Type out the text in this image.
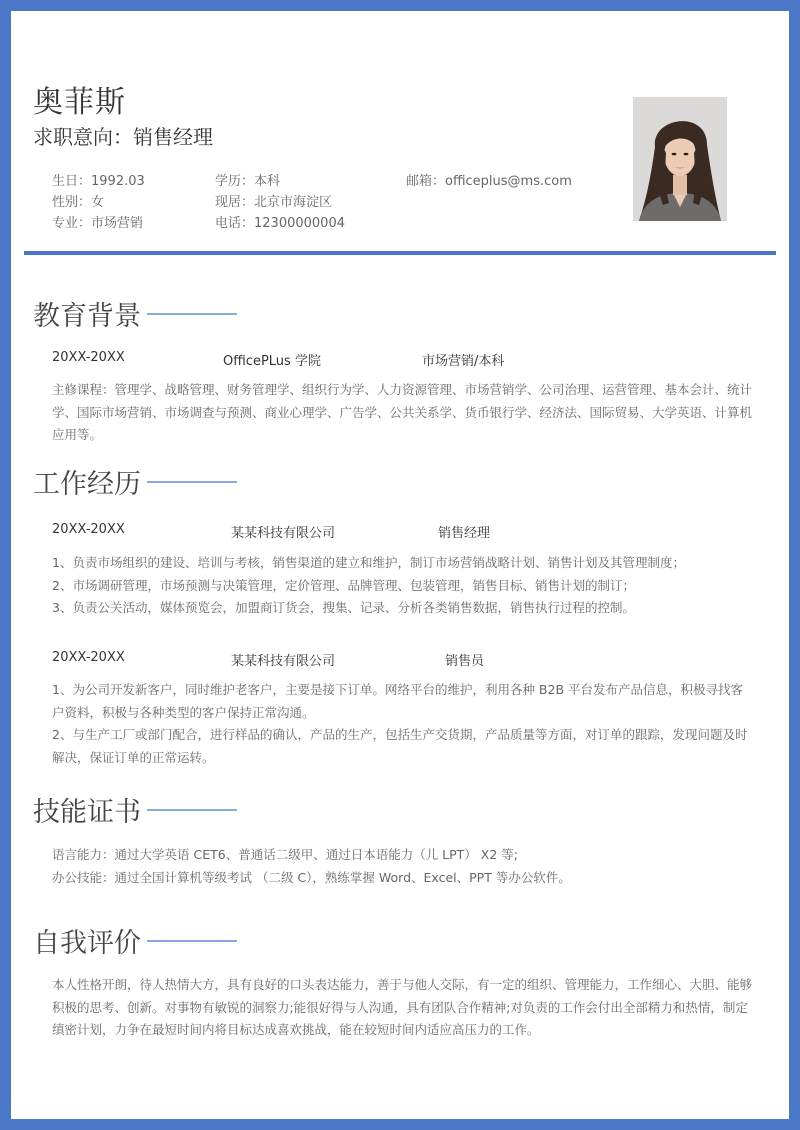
奥菲斯
求职意向：销售经理
生日：1992.03
性别：女
专业：市场营销
学历：本科
现居：北京市海淀区
电话：12300000004
邮箱：officeplus@ms.com
教育背景
20XX-20XX	OfficePLus 学院	市场营销/本科
主修课程：管理学、战略管理、财务管理学、组织行为学、人力资源管理、市场营销学、公司治理、运营管理、基本会计、统计学、国际市场营销、市场调查与预测、商业心理学、广告学、公共关系学、货币银行学、经济法、国际贸易、大学英语、计算机应用等。
工作经历
20XX-20XX	某某科技有限公司	销售经理
1、负责市场组织的建设、培训与考核，销售渠道的建立和维护，制订市场营销战略计划、销售计划及其管理制度；
2、市场调研管理，市场预测与决策管理，定价管理、品牌管理、包装管理，销售目标、销售计划的制订；
3、负责公关活动，媒体预览会，加盟商订货会，搜集、记录、分析各类销售数据，销售执行过程的控制。
20XX-20XX	某某科技有限公司	销售员
1、为公司开发新客户，同时维护老客户，主要是接下订单。网络平台的维护，利用各种 B2B 平台发布产品信息，积极寻找客户资料，积极与各种类型的客户保持正常沟通。
2、与生产工厂或部门配合，进行样品的确认，产品的生产，包括生产交货期，产品质量等方面，对订单的跟踪，发现问题及时解决，保证订单的正常运转。
技能证书
语言能力：通过大学英语 CET6、普通话二级甲、通过日本语能力（儿 LPT） X2 等;
办公技能：通过全国计算机等级考试 （二级 C），熟练掌握 Word、Excel、PPT 等办公软件。
自我评价
本人性格开朗，待人热情大方，具有良好的口头表达能力，善于与他人交际，有一定的组织、管理能力，工作细心、大胆、能够积极的思考、创新。对事物有敏锐的洞察力;能很好得与人沟通，具有团队合作精神;对负责的工作会付出全部精力和热情，制定缜密计划，力争在最短时间内将目标达成喜欢挑战，能在较短时间内适应高压力的工作。
